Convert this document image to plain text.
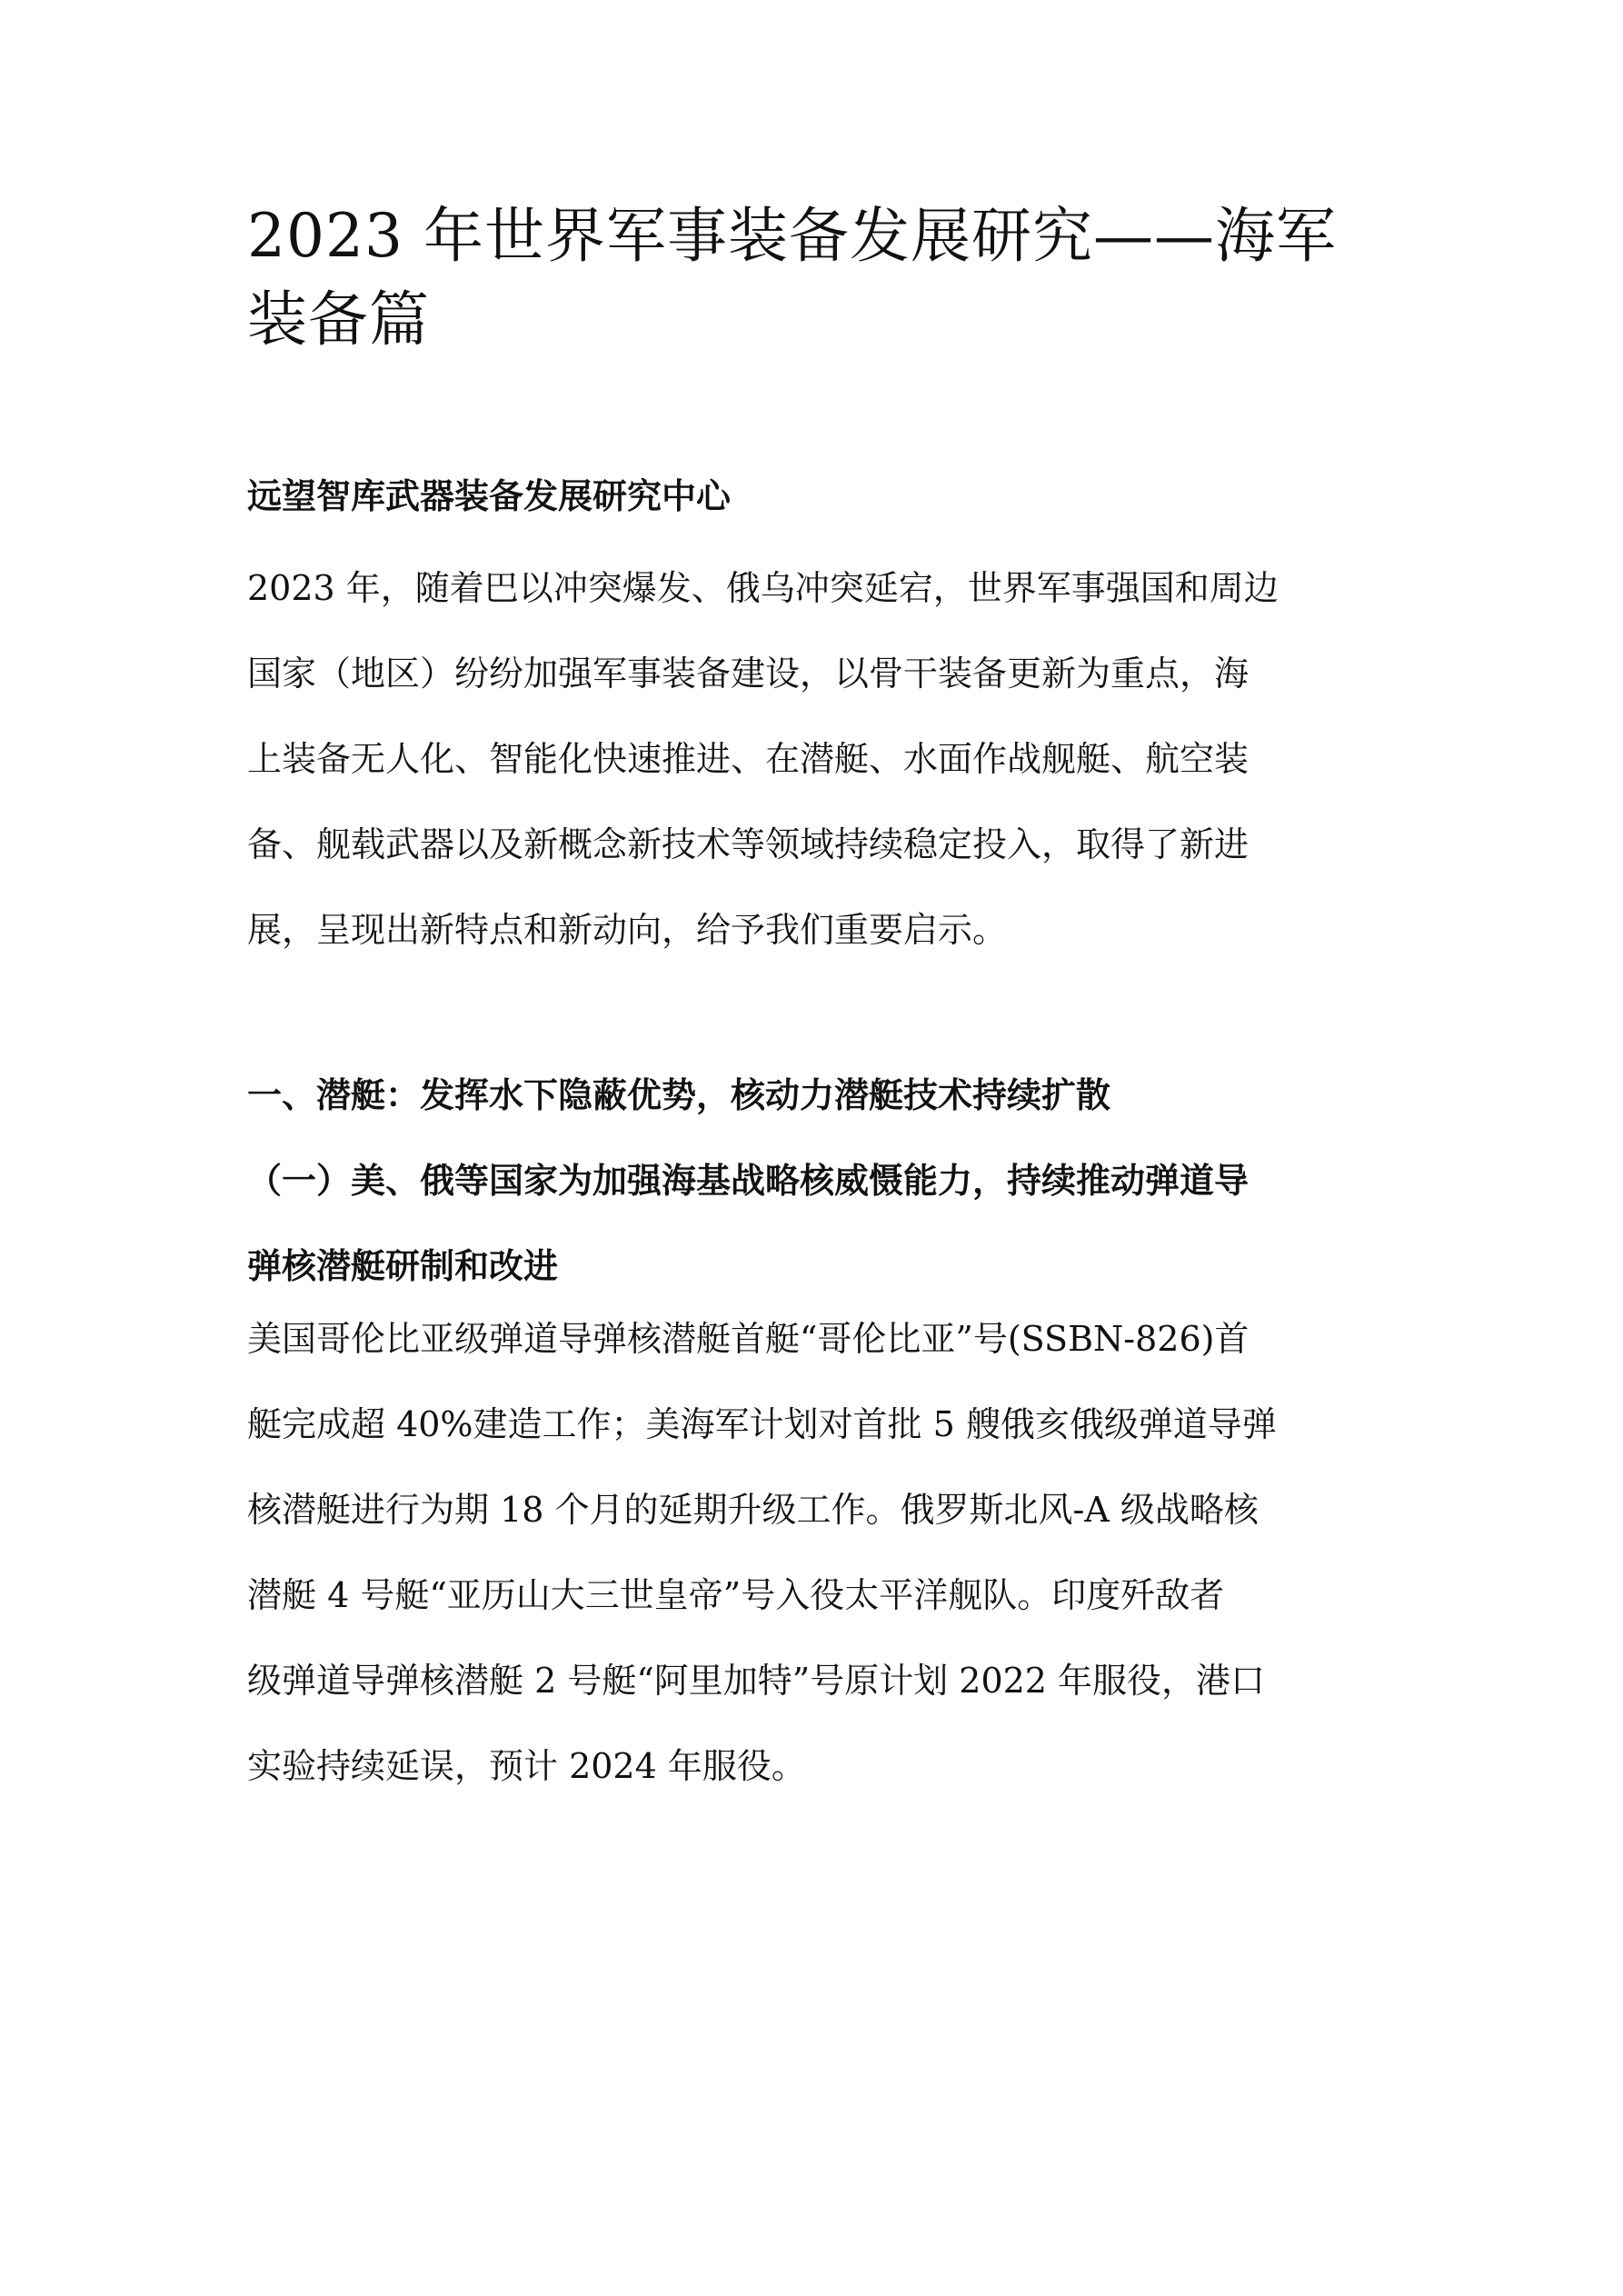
2023 年世界军事装备发展研究——海军
装备篇

远望智库武器装备发展研究中心

2023 年，随着巴以冲突爆发、俄乌冲突延宕，世界军事强国和周边
国家（地区）纷纷加强军事装备建设，以骨干装备更新为重点，海
上装备无人化、智能化快速推进、在潜艇、水面作战舰艇、航空装
备、舰载武器以及新概念新技术等领域持续稳定投入，取得了新进
展，呈现出新特点和新动向，给予我们重要启示。
一、潜艇：发挥水下隐蔽优势，核动力潜艇技术持续扩散
（一）美、俄等国家为加强海基战略核威慑能力，持续推动弹道导
弹核潜艇研制和改进
美国哥伦比亚级弹道导弹核潜艇首艇“哥伦比亚”号(SSBN-826)首
艇完成超 40%建造工作；美海军计划对首批 5 艘俄亥俄级弹道导弹
核潜艇进行为期 18 个月的延期升级工作。俄罗斯北风-A 级战略核
潜艇 4 号艇“亚历山大三世皇帝”号入役太平洋舰队。印度歼敌者
级弹道导弹核潜艇 2 号艇“阿里加特”号原计划 2022 年服役，港口
实验持续延误，预计 2024 年服役。
